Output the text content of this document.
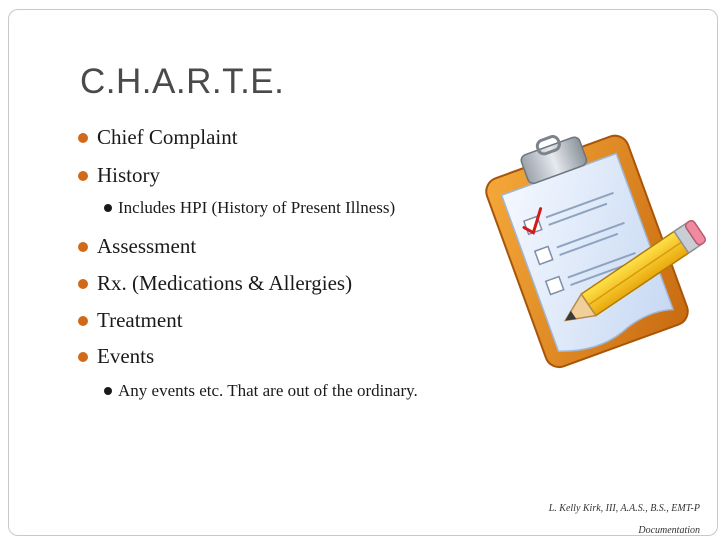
C.H.A.R.T.E.
Chief Complaint
History
Includes HPI (History of Present Illness)
Assessment
Rx. (Medications & Allergies)
Treatment
Events
Any events etc. That are out of the ordinary.
L. Kelly Kirk, III, A.A.S., B.S., EMT-P
Documentation
